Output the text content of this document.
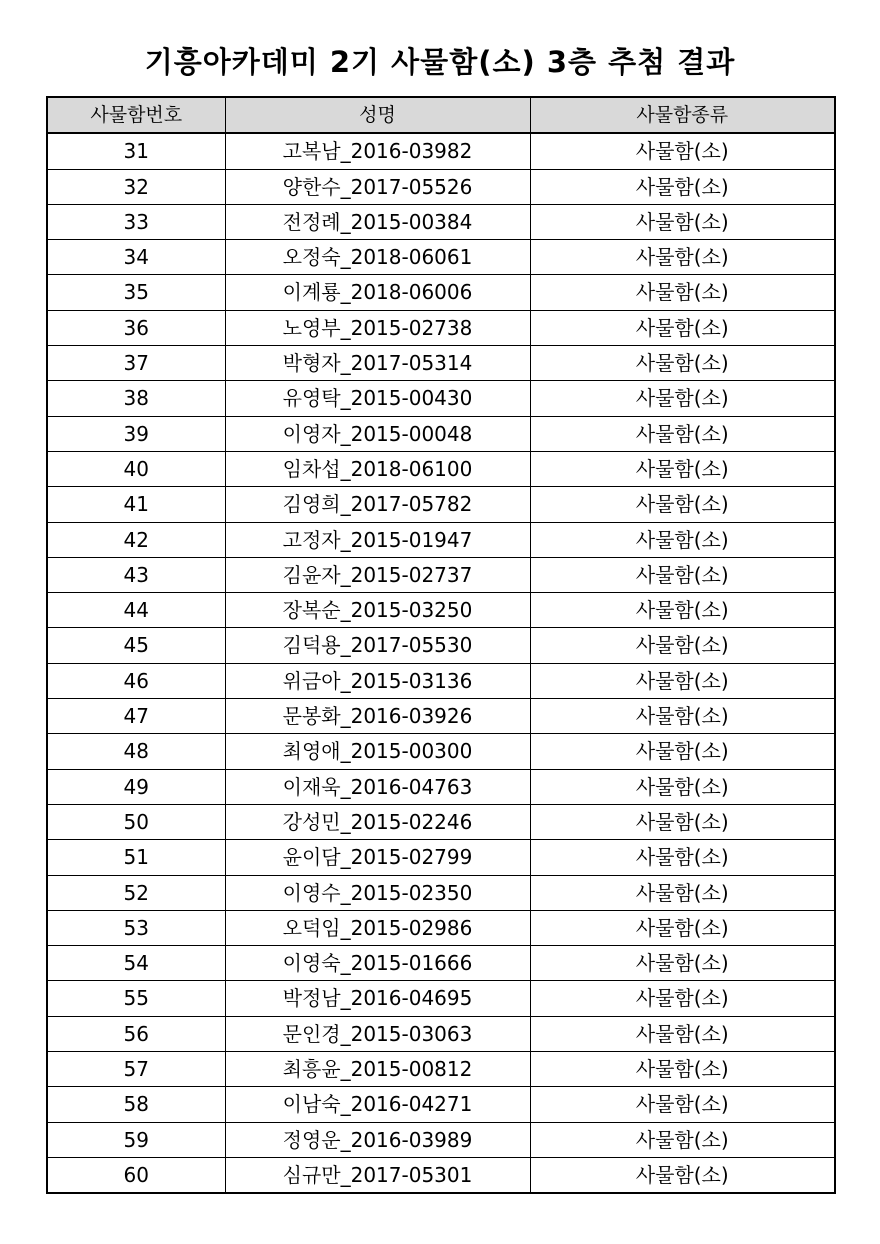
기흥아카데미 2기 사물함(소) 3층 추첨 결과
사물함번호	성명	사물함종류
31	고복남_2016-03982	사물함(소)
32	양한수_2017-05526	사물함(소)
33	전정례_2015-00384	사물함(소)
34	오정숙_2018-06061	사물함(소)
35	이계룡_2018-06006	사물함(소)
36	노영부_2015-02738	사물함(소)
37	박형자_2017-05314	사물함(소)
38	유영탁_2015-00430	사물함(소)
39	이영자_2015-00048	사물함(소)
40	임차섭_2018-06100	사물함(소)
41	김영희_2017-05782	사물함(소)
42	고정자_2015-01947	사물함(소)
43	김윤자_2015-02737	사물함(소)
44	장복순_2015-03250	사물함(소)
45	김덕용_2017-05530	사물함(소)
46	위금아_2015-03136	사물함(소)
47	문봉화_2016-03926	사물함(소)
48	최영애_2015-00300	사물함(소)
49	이재욱_2016-04763	사물함(소)
50	강성민_2015-02246	사물함(소)
51	윤이담_2015-02799	사물함(소)
52	이영수_2015-02350	사물함(소)
53	오덕임_2015-02986	사물함(소)
54	이영숙_2015-01666	사물함(소)
55	박정남_2016-04695	사물함(소)
56	문인경_2015-03063	사물함(소)
57	최흥윤_2015-00812	사물함(소)
58	이남숙_2016-04271	사물함(소)
59	정영운_2016-03989	사물함(소)
60	심규만_2017-05301	사물함(소)
